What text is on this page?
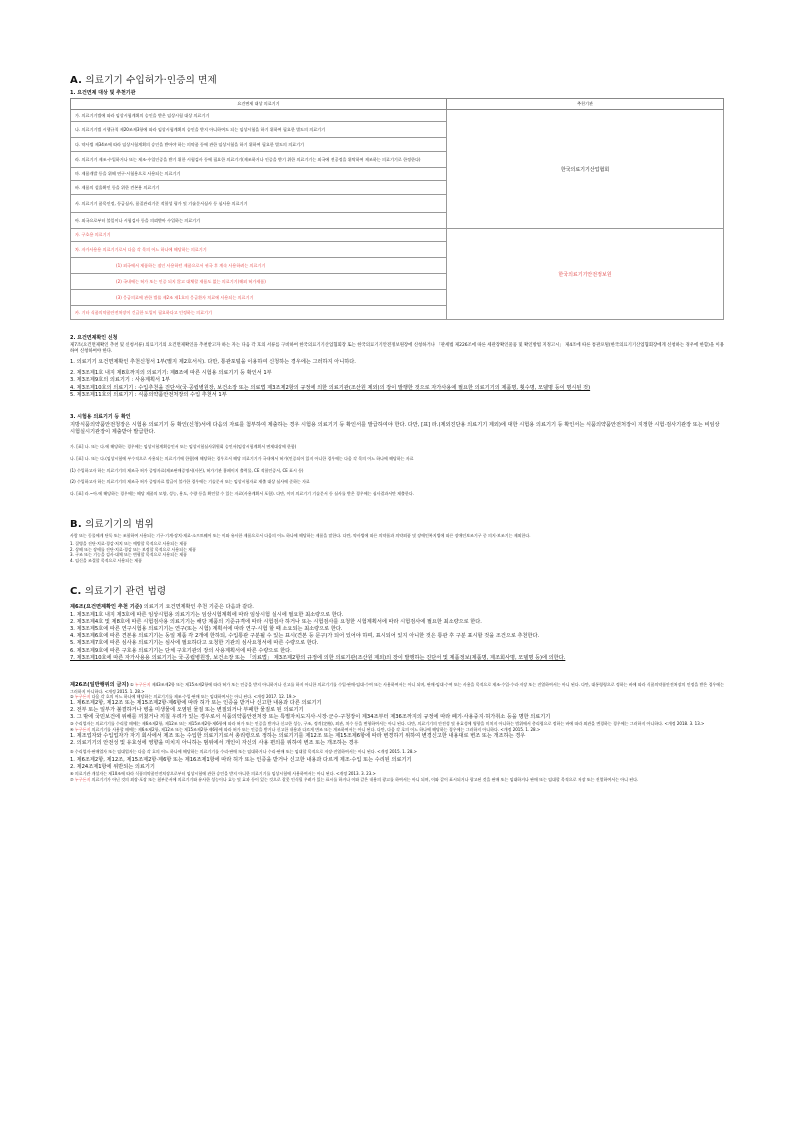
A. 의료기기 수입허가·인증의 면제
1. 요건면제 대상 및 추천기관
요건면제 대상 의료기기	추천기관
가. 의료기기법에 따라 임상시험계획의 승인을 받은 임상시험 대상 의료기기	한국의료기기산업협회
나. 의료기기법 시행규칙 제20조제3항에 따라 임상시험계획의 승인을 받지 아니하여도 되는 임상시험을 하기 위하여 필요한 별도의 의료기기	
다. 약사법 제34조에 따라 임상시험계획의 승인을 받아야 하는 의약품 등에 관한 임상시험을 하기 위하여 필요한 별도의 의료기기	
라. 의료기기 제조·수입하거나 또는 제조·수입인증을 받기 위한 시험검사 등에 필요한 의료기기(제조하거나 인증을 받기 위한 의료기기는 외국에 전공정을 위탁하여 제조하는 의료기기로 한정한다)	
마. 제품개발 등을 위해 연구·시험용으로 사용되는 의료기기	
바. 제품의 설울확인 등을 위한 견본용 의료기기	
사. 의료기기 품목인정, 등급심사, 품질관리기준 적합성 평가 및 기술문서심사 등 심사용 의료기기	
아. 외국으로부터 불일이나 시험검사 등을 의뢰받아 수입하는 의료기기	
자. 구호용 의료기기	한국의료기기안전정보원
차. 자가사용용 의료기기로서 다음 각 목의 어느 하나에 해당하는 의료기기	
(1) 외국에서 제품하는 점인 사용하던 제품으로서 귀국 후 계속 사용하려는 의료기기	
(2) 국내에는 허가 또는 인증 되지 않고 대체할 제품도 없는 의료기기(해외 허가제품)	
(3) 응급의료에 관한 법률 제2조 제1호의 응급환자 치료에 사용되는 의료기기	
카. 기타 식품의약품안전처장이 긴급한 도입이 필요하다고 인정하는 의료기기	
2. 요건면제확인 신청

제7조(요건면제확인 추천 및 신청서류) 의료기기의 요건면제확인을 추천받고자 하는 자는 다음 각 호의 서류를 구비하여 한국의료기기산업협회장 또는 한국의료기기안전정보원장에 신청하거나 「관세법 제226조에 따른 세관장확인물품 및 확인방법 지정고시」 제4조에 따른 통관포털(한국의료기기산업협회장에게 신청하는 경우에 한함)을 이용하여 신청하여야 한다.

1. 의료기기 요건면제확인 추천신청서 1부(별지 제2호서식). 다만, 통관포털을 이용하여 신청하는 경우에는 그러하지 아니하다.

2. 제3조제1호 내지 제8호까지의 의료기기: 제8조에 따른 시험용 의료기기 등 확인서 1부

3. 제3조제9호의 의료기기 : 사용계획서 1부

4. 제3조제10호의 의료기기 : 수입추천을 진단서(국·공립병원장, 보건소장 또는 의료법 제3조제2항의 규정에 의한 의료기관(조산원 제외)의 장이 발행한 것으로 자가사용에 필요한 의료기기의 제품명, 횟수명, 모델명 등이 명시된 것)

5. 제3조제11호의 의료기기 : 식품의약품안전처장의 수입 추천서 1부

3. 시험용 의료기기 등 확인

지방식품의약품안전청장은 시험용 의료기기 등 확인(신청)서에 다음의 자료를 첨부하여 제출하는 경우 시험용 의료기기 등 확인서를 발급하여야 한다. 다만, [표] 라.(제외진단용 의료기기 제외)에 대한 시험용 의료기기 등 확인서는 식품의약품안전처장이 지정한 시험·검사기관장 또는 비임상시험실시기관장이 제출받아 발급한다.

가. [표] 나. 또는 다.에 해당하는 경우에는 임상시험계획승인서 또는 임상시험심사위원회 승인서(임상시험계획서 면제대상에 한함)

나. [표] 나. 또는 다.(임상시험에 부수적으로 사용되는 의료기기에 한함)에 해당하는 경우로서 해당 의료기기가 국내에서 허가(인증되어 있지 아니한 경우에는 다음 각 목의 어느 하나에 해당하는 자료

(1) 수입하고자 하는 의료기기의 제조국 허가 증명자료(제조판매증명서(사본), 허가기관 홈페이지 출력물, CE 적합인증서, CE 표시 등)

(2) 수입하고자 하는 의료기기의 제조국 허가 증명자료 발급이 불가한 경우에는 기술문서 또는 임상시험자료 제출 대상 심사에 준하는 자료

다. [표] 라.~아.에 해당하는 경우에는 해당 제품의 모양, 성능, 용도, 수량 등을 확인할 수 있는 자료(사용계획서 포함). 다만, 이미 의료기기 기술문서 등 심사를 받은 경우에는 심사결과서만 제출한다.

B. 의료기기의 범위

사람 또는 동물에게 단독 또는 조합하여 사용되는 기구·기계·장치·재료·소프트웨어 또는 이와 유사한 제품으로서 다음의 어느 하나에 해당하는 제품을 말한다. 다만, 약사법에 따른 의약품과 의약외품 및 장애인복지법에 따른 장애인보조기구 중 의지·보조기는 제외한다.

1. 질병을 진단·치료·경감·처치 또는 예방할 목적으로 사용되는 제품

2. 상해 또는 장애를 진단·치료·경감 또는 보정할 목적으로 사용되는 제품

3. 구조 또는 기능을 검사·대체 또는 변형할 목적으로 사용되는 제품

4. 임신을 조절할 목적으로 사용되는 제품

C. 의료기기 관련 법령

제6조(요건면제확인 추천 기준) 의료기기 요건면제확인 추천 기준은 다음과 같다.

1. 제3조제1호 내지 제3호에 따른 임상시험용 의료기기는 임상시험계획에 따라 임상시험 실시에 필요한 최소량으로 한다.

2. 제3조제4호 및 제8호에 따른 시험검사용 의료기기는 해당 제품의 기준규격에 따라 시험검사 하거나 또는 시험검사를 요청한 시험계획서에 따라 시험검사에 필요한 최소량으로 한다.

3. 제3조제5호에 따른 연구시험용 의료기기는 연구(또는 시험) 계획서에 따라 연구·시험 할 때 소요되는 최소량으로 한다.

4. 제3조제6호에 따른 견본용 의료기기는 동일 제품 각 2개에 한하되, 수입통관 구분될 수 있는 표시(견본 등 문구)가 되어 있어야 하며, 표시되어 있지 아니한 것은 통관 후 구분 표시할 것을 조건으로 추천한다.

5. 제3조제7호에 따른 심사용 의료기기는 심사에 필요하다고 요청한 기관의 심사요청서에 따른 수량으로 한다.

6. 제3조제9호에 따른 구호용 의료기기는 단체 구호기관의 장의 사용계획서에 따른 수량으로 한다.

7. 제3조제10호에 따른 자가사용용 의료기기는 국·공립병원장, 보건소장 또는 「의료법」 제3조제2항의 규정에 의한 의료기관(조산원 제외)의 장이 발행하는 진단서 및 제품정보(제품명, 제조회사명, 모델명 등)에 의한다.

제26조(일반행위의 금지) ① 누구든지 제43조제2항 또는 제15조제2항에 따라 허가 또는 인증을 받지 아니하거나 신고를 하지 아니한 의료기기를 수입·판매·임대·수여 또는 사용하여서는 아니 되며, 판매·임대·수여 또는 사용을 목적으로 제조·수입·수리·저장 또는 진열하여서는 아니 된다. 다만, 대통령령으로 정하는 바에 따라 식품의약품안전처장의 인정을 받은 경우에는 그러하지 아니하다. <개정 2015. 1. 28.>

② 누구든지 다음 각 호의 어느 하나에 해당하는 의료기기를 제조·수입·판매 또는 임대하여서는 아니 된다. <개정 2017. 12. 19.>

1. 제6조제2항, 제12조 또는 제15조제2항·제6항에 따라 허가 또는 인증을 받거나 신고한 내용과 다른 의료기기

2. 전부 또는 일부가 불결하거나 병을 미생물에 오염된 물질 또는 변질되거나 부패한 물질로 된 의료기기

3. 그 밖에 국민보건에 위해를 끼쳤거나 끼칠 우려가 있는 경우로서 식품의약품안전처장 또는 특별자치도지사·시장·군수·구청장이 제34조부터 제36조까지의 규정에 따라 폐기·사용중지·허가취소 등을 명한 의료기기

③ 수리업자는 의료기기를 수리할 때에는 제6조제2항, 제12조 또는 제15조제2항·제6항에 따라 허가 또는 인증을 받거나 신고한 성능, 구조, 정격(定格), 외관, 치수 등을 변형하여서는 아니 된다. 다만, 의료기기의 안전성 및 유효성에 영향을 미치지 아니하는 범위에서 총리령으로 정하는 바에 따라 외관을 변경하는 경우에는 그러하지 아니하다. <개정 2018. 3. 13.>

④ 누구든지 의료기기를 사용할 때에는 제6조제2항, 제12조 또는 제15조제2항·제6항에 따라 허가 또는 인증을 받거나 신고한 내용과 다르게 변조 또는 개조하여서는 아니 된다. 다만, 다음 각 호의 어느 하나에 해당하는 경우에는 그러하지 아니하다. <개정 2015. 1. 28.>

1. 제조업자와 수입업자가 자기 회사에서 제조 또는 수입한 의료기기로서 총리령으로 정하는 의료기기를 제12조 또는 제15조제6항에 따라 변경하기 위하여 변경신고한 내용대로 변조 또는 개조하는 경우

2. 의료기기의 안전성 및 유효성에 영향을 미치지 아니하는 범위에서 개인이 자신의 사용 편의를 위하여 변조 또는 개조하는 경우

⑤ 수리업자·판매업자 또는 임대업자는 다음 각 호의 어느 하나에 해당하는 의료기기를 수리·판매 또는 임대하거나 수리·판매 또는 임대할 목적으로 저장·진열하여서는 아니 된다. <개정 2015. 1. 28.>

1. 제6조제2항, 제12조, 제15조제2항·제6항 또는 제16조제1항에 따라 허가 또는 인증을 받거나 신고한 내용과 다르게 제조·수입 또는 수리된 의료기기

2. 제24조제1항에 위반되는 의료기기

⑥ 의료기관 개설자는 제10조에 따라 식품의약품안전처장으로부터 임상시험에 관한 승인을 받지 아니한 의료기기를 임상시험에 사용하여서는 아니 된다. <개정 2013. 3. 23.>

⑦ 누구든지 의료기기가 아닌 것의 외장·포장 또는 첨부문서에 의료기기와 유사한 성능이나 효능 및 효과 등이 있는 것으로 잘못 인식될 우려가 있는 표시를 하거나 이와 같은 내용의 광고를 하여서는 아니 되며, 이와 같이 표시되거나 광고된 것을 판매 또는 임대하거나 판매 또는 임대할 목적으로 저장 또는 진열하여서는 아니 된다.
